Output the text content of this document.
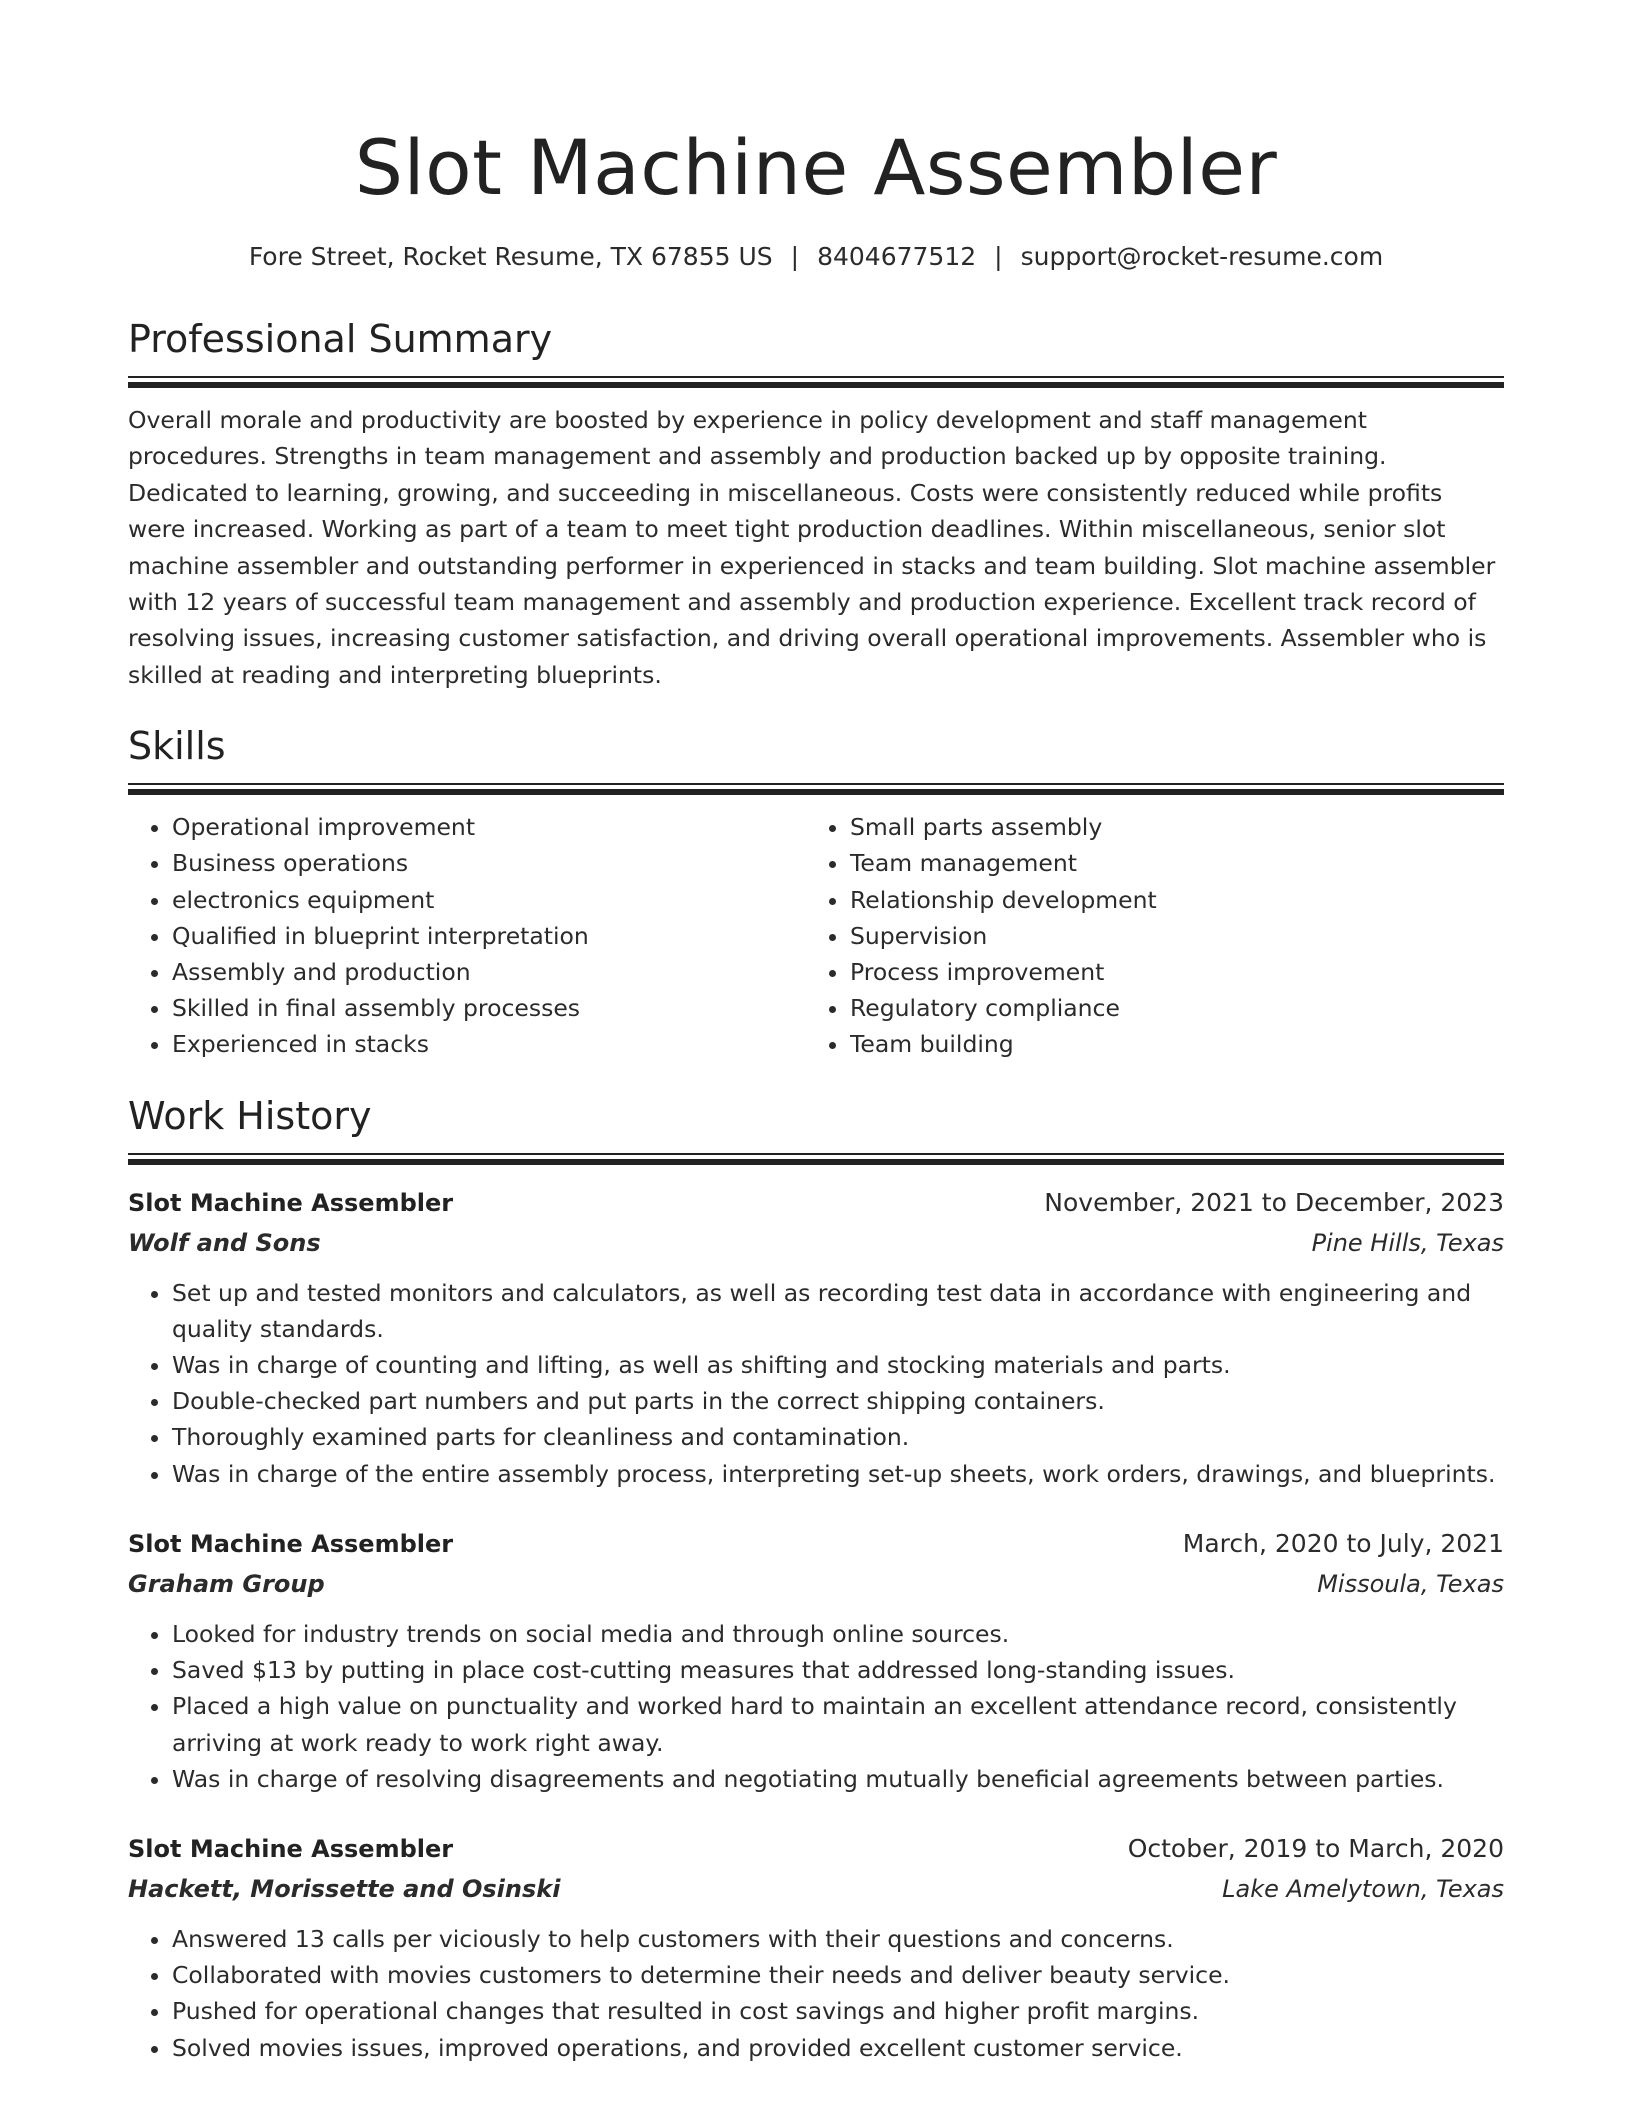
Slot Machine Assembler
Fore Street, Rocket Resume, TX 67855 US | 8404677512 | support@rocket-resume.com
Professional Summary
Overall morale and productivity are boosted by experience in policy development and staff management procedures. Strengths in team management and assembly and production backed up by opposite training. Dedicated to learning, growing, and succeeding in miscellaneous. Costs were consistently reduced while profits were increased. Working as part of a team to meet tight production deadlines. Within miscellaneous, senior slot machine assembler and outstanding performer in experienced in stacks and team building. Slot machine assembler with 12 years of successful team management and assembly and production experience. Excellent track record of resolving issues, increasing customer satisfaction, and driving overall operational improvements. Assembler who is skilled at reading and interpreting blueprints.
Skills
• Operational improvement
• Business operations
• electronics equipment
• Qualified in blueprint interpretation
• Assembly and production
• Skilled in final assembly processes
• Experienced in stacks
• Small parts assembly
• Team management
• Relationship development
• Supervision
• Process improvement
• Regulatory compliance
• Team building
Work History
Slot Machine Assembler	November, 2021 to December, 2023
Wolf and Sons	Pine Hills, Texas
• Set up and tested monitors and calculators, as well as recording test data in accordance with engineering and quality standards.
• Was in charge of counting and lifting, as well as shifting and stocking materials and parts.
• Double-checked part numbers and put parts in the correct shipping containers.
• Thoroughly examined parts for cleanliness and contamination.
• Was in charge of the entire assembly process, interpreting set-up sheets, work orders, drawings, and blueprints.
Slot Machine Assembler	March, 2020 to July, 2021
Graham Group	Missoula, Texas
• Looked for industry trends on social media and through online sources.
• Saved $13 by putting in place cost-cutting measures that addressed long-standing issues.
• Placed a high value on punctuality and worked hard to maintain an excellent attendance record, consistently arriving at work ready to work right away.
• Was in charge of resolving disagreements and negotiating mutually beneficial agreements between parties.
Slot Machine Assembler	October, 2019 to March, 2020
Hackett, Morissette and Osinski	Lake Amelytown, Texas
• Answered 13 calls per viciously to help customers with their questions and concerns.
• Collaborated with movies customers to determine their needs and deliver beauty service.
• Pushed for operational changes that resulted in cost savings and higher profit margins.
• Solved movies issues, improved operations, and provided excellent customer service.
